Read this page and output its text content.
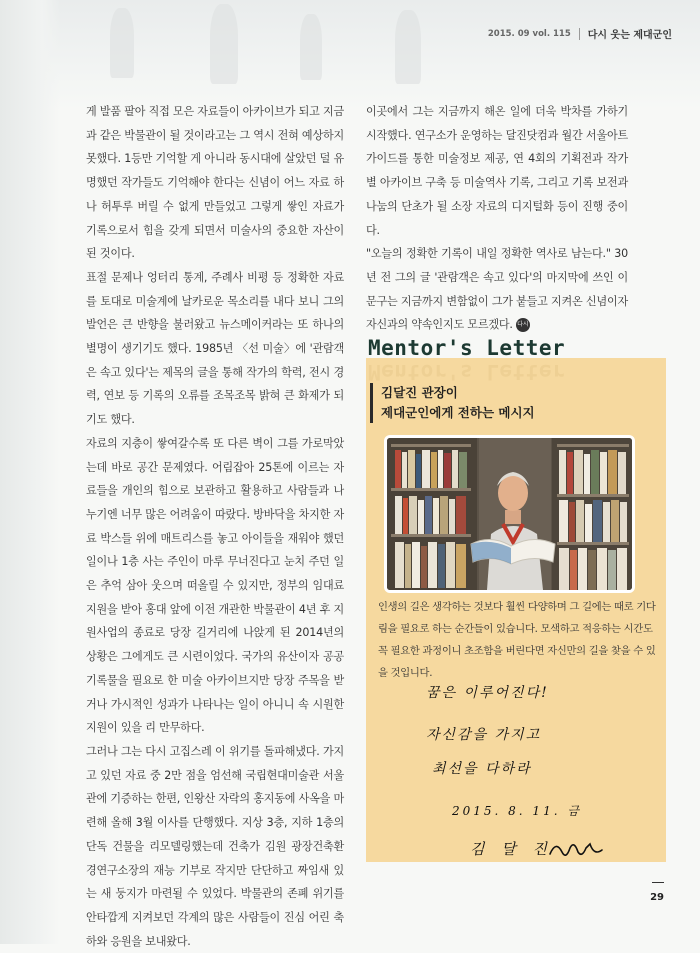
2015. 09 vol. 115 다시 웃는 제대군인

게 발품 팔아 직접 모은 자료들이 아카이브가 되고 지금과 같은 박물관이 될 것이라고는 그 역시 전혀 예상하지 못했다. 1등만 기억할 게 아니라 동시대에 살았던 덜 유명했던 작가들도 기억해야 한다는 신념이 어느 자료 하나 허투루 버릴 수 없게 만들었고 그렇게 쌓인 자료가 기록으로서 힘을 갖게 되면서 미술사의 중요한 자산이 된 것이다.

표절 문제나 엉터리 통계, 주례사 비평 등 정확한 자료를 토대로 미술계에 날카로운 목소리를 내다 보니 그의 발언은 큰 반향을 불러왔고 뉴스메이커라는 또 하나의 별명이 생기기도 했다. 1985년 〈선 미술〉에 '관람객은 속고 있다'는 제목의 글을 통해 작가의 학력, 전시 경력, 연보 등 기록의 오류를 조목조목 밝혀 큰 화제가 되기도 했다.

자료의 지층이 쌓여갈수록 또 다른 벽이 그를 가로막았는데 바로 공간 문제였다. 어림잡아 25톤에 이르는 자료들을 개인의 힘으로 보관하고 활용하고 사람들과 나누기엔 너무 많은 어려움이 따랐다. 방바닥을 차지한 자료 박스들 위에 매트리스를 놓고 아이들을 재워야 했던 일이나 1층 사는 주인이 마루 무너진다고 눈치 주던 일은 추억 삼아 웃으며 떠올릴 수 있지만, 정부의 임대료 지원을 받아 홍대 앞에 이전 개관한 박물관이 4년 후 지원사업의 종료로 당장 길거리에 나앉게 된 2014년의 상황은 그에게도 큰 시련이었다. 국가의 유산이자 공공 기록물을 필요로 한 미술 아카이브지만 당장 주목을 받거나 가시적인 성과가 나타나는 일이 아니니 속 시원한 지원이 있을 리 만무하다.

그러나 그는 다시 고집스레 이 위기를 돌파해냈다. 가지고 있던 자료 중 2만 점을 엄선해 국립현대미술관 서울관에 기증하는 한편, 인왕산 자락의 홍지동에 사옥을 마련해 올해 3월 이사를 단행했다. 지상 3층, 지하 1층의 단독 건물을 리모델링했는데 건축가 김원 광장건축환경연구소장의 재능 기부로 작지만 단단하고 짜임새 있는 새 둥지가 마련될 수 있었다. 박물관의 존폐 위기를 안타깝게 지켜보던 각계의 많은 사람들이 진심 어린 축하와 응원을 보내왔다.

이곳에서 그는 지금까지 해온 일에 더욱 박차를 가하기 시작했다. 연구소가 운영하는 달진닷컴과 월간 서울아트가이드를 통한 미술정보 제공, 연 4회의 기획전과 작가별 아카이브 구축 등 미술역사 기록, 그리고 기록 보전과 나눔의 단초가 될 소장 자료의 디지털화 등이 진행 중이다.

"오늘의 정확한 기록이 내일 정확한 역사로 남는다." 30년 전 그의 글 '관람객은 속고 있다'의 마지막에 쓰인 이 문구는 지금까지 변함없이 그가 붙들고 지켜온 신념이자 자신과의 약속인지도 모르겠다. 다시

Mentor's Letter
Mentor's Letter
김달진 관장이
제대군인에게 전하는 메시지
인생의 길은 생각하는 것보다 훨씬 다양하며 그 길에는 때로 기다림을 필요로 하는 순간들이 있습니다. 모색하고 적응하는 시간도 꼭 필요한 과정이니 초조함을 버린다면 자신만의 길을 찾을 수 있을 것입니다.
꿈은 이루어진다!
자신감을 가지고
최선을 다하라
2015. 8. 11. 금
김 달 진
29
